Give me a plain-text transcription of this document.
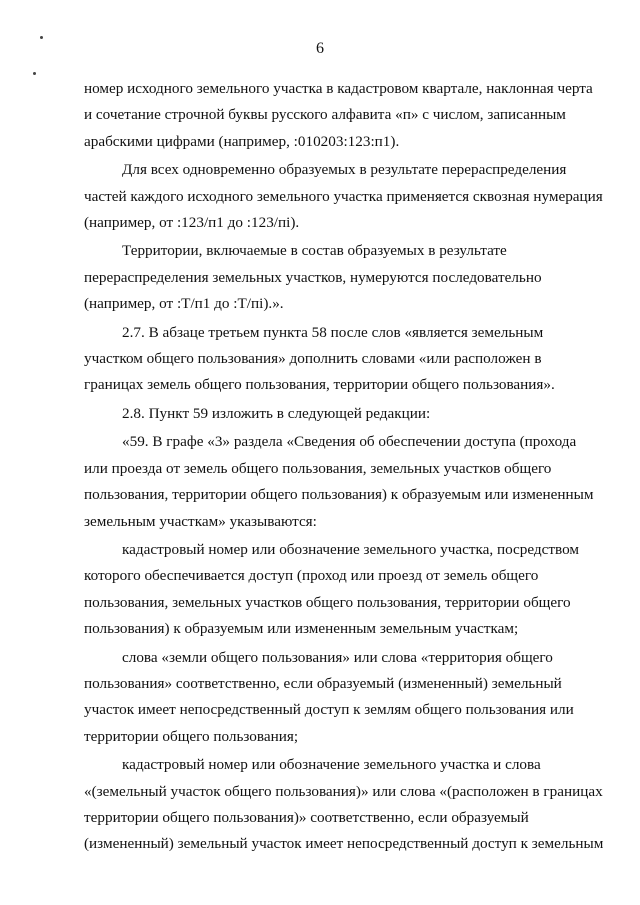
6

номер исходного земельного участка в кадастровом квартале, наклонная черта
и сочетание строчной буквы русского алфавита «п» с числом, записанным
арабскими цифрами (например, :010203:123:п1).

Для всех одновременно образуемых в результате перераспределения
частей каждого исходного земельного участка применяется сквозная нумерация
(например, от :123/п1 до :123/пi).

Территории, включаемые в состав образуемых в результате
перераспределения земельных участков, нумеруются последовательно
(например, от :Т/п1 до :Т/пi).».

2.7. В абзаце третьем пункта 58 после слов «является земельным
участком общего пользования» дополнить словами «или расположен в
границах земель общего пользования, территории общего пользования».

2.8. Пункт 59 изложить в следующей редакции:

«59. В графе «3» раздела «Сведения об обеспечении доступа (прохода
или проезда от земель общего пользования, земельных участков общего
пользования, территории общего пользования) к образуемым или измененным
земельным участкам» указываются:

кадастровый номер или обозначение земельного участка, посредством
которого обеспечивается доступ (проход или проезд от земель общего
пользования, земельных участков общего пользования, территории общего
пользования) к образуемым или измененным земельным участкам;

слова «земли общего пользования» или слова «территория общего
пользования» соответственно, если образуемый (измененный) земельный
участок имеет непосредственный доступ к землям общего пользования или
территории общего пользования;

кадастровый номер или обозначение земельного участка и слова
«(земельный участок общего пользования)» или слова «(расположен в границах
территории общего пользования)» соответственно, если образуемый
(измененный) земельный участок имеет непосредственный доступ к земельным
